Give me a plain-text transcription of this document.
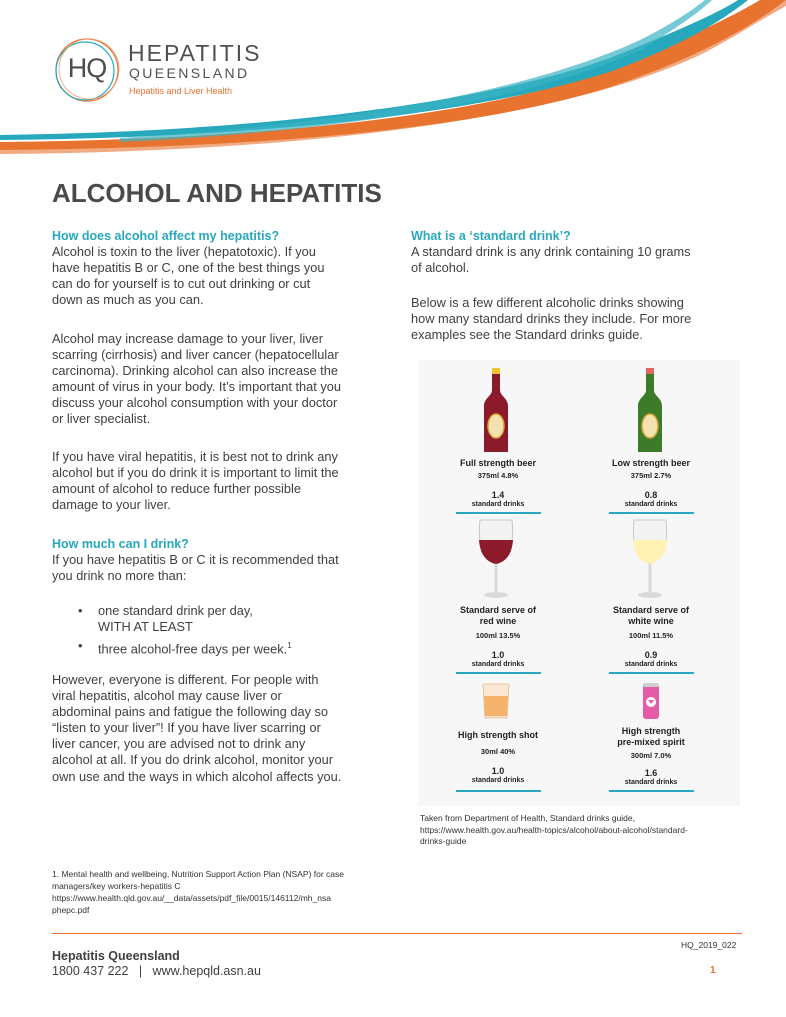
HQ HEPATITIS
QUEENSLAND
Hepatitis and Liver Health
ALCOHOL AND HEPATITIS
How does alcohol affect my hepatitis?
Alcohol is toxin to the liver (hepatotoxic). If you
have hepatitis B or C, one of the best things you
can do for yourself is to cut out drinking or cut
down as much as you can.
Alcohol may increase damage to your liver, liver
scarring (cirrhosis) and liver cancer (hepatocellular
carcinoma). Drinking alcohol can also increase the
amount of virus in your body. It’s important that you
discuss your alcohol consumption with your doctor
or liver specialist.
If you have viral hepatitis, it is best not to drink any
alcohol but if you do drink it is important to limit the
amount of alcohol to reduce further possible
damage to your liver.
How much can I drink?
If you have hepatitis B or C it is recommended that
you drink no more than:
• one standard drink per day,
WITH AT LEAST
• three alcohol-free days per week.$^1$
However, everyone is different. For people with
viral hepatitis, alcohol may cause liver or
abdominal pains and fatigue the following day so
“listen to your liver”! If you have liver scarring or
liver cancer, you are advised not to drink any
alcohol at all. If you do drink alcohol, monitor your
own use and the ways in which alcohol affects you.
What is a ‘standard drink’?
A standard drink is any drink containing 10 grams
of alcohol.
Below is a few different alcoholic drinks showing
how many standard drinks they include. For more
examples see the Standard drinks guide.
Full strength beer
375ml 4.8%
1.4
standard drinks
Low strength beer
375ml 2.7%
0.8
standard drinks
Standard serve of
red wine
100ml 13.5%
1.0
standard drinks
Standard serve of
white wine
100ml 11.5%
0.9
standard drinks
High strength shot
30ml 40%
1.0
standard drinks
High strength
pre-mixed spirit
300ml 7.0%
1.6
standard drinks
Taken from Department of Health, Standard drinks guide,
https://www.health.gov.au/health-topics/alcohol/about-alcohol/standard-
drinks-guide
1. Mental health and wellbeing, Nutrition Support Action Plan (NSAP) for case
managers/key workers-hepatitis C
https://www.health.qld.gov.au/__data/assets/pdf_file/0015/146112/mh_nsa
phepc.pdf
Hepatitis Queensland
1800 437 222   |   www.hepqld.asn.au
HQ_2019_022
1
